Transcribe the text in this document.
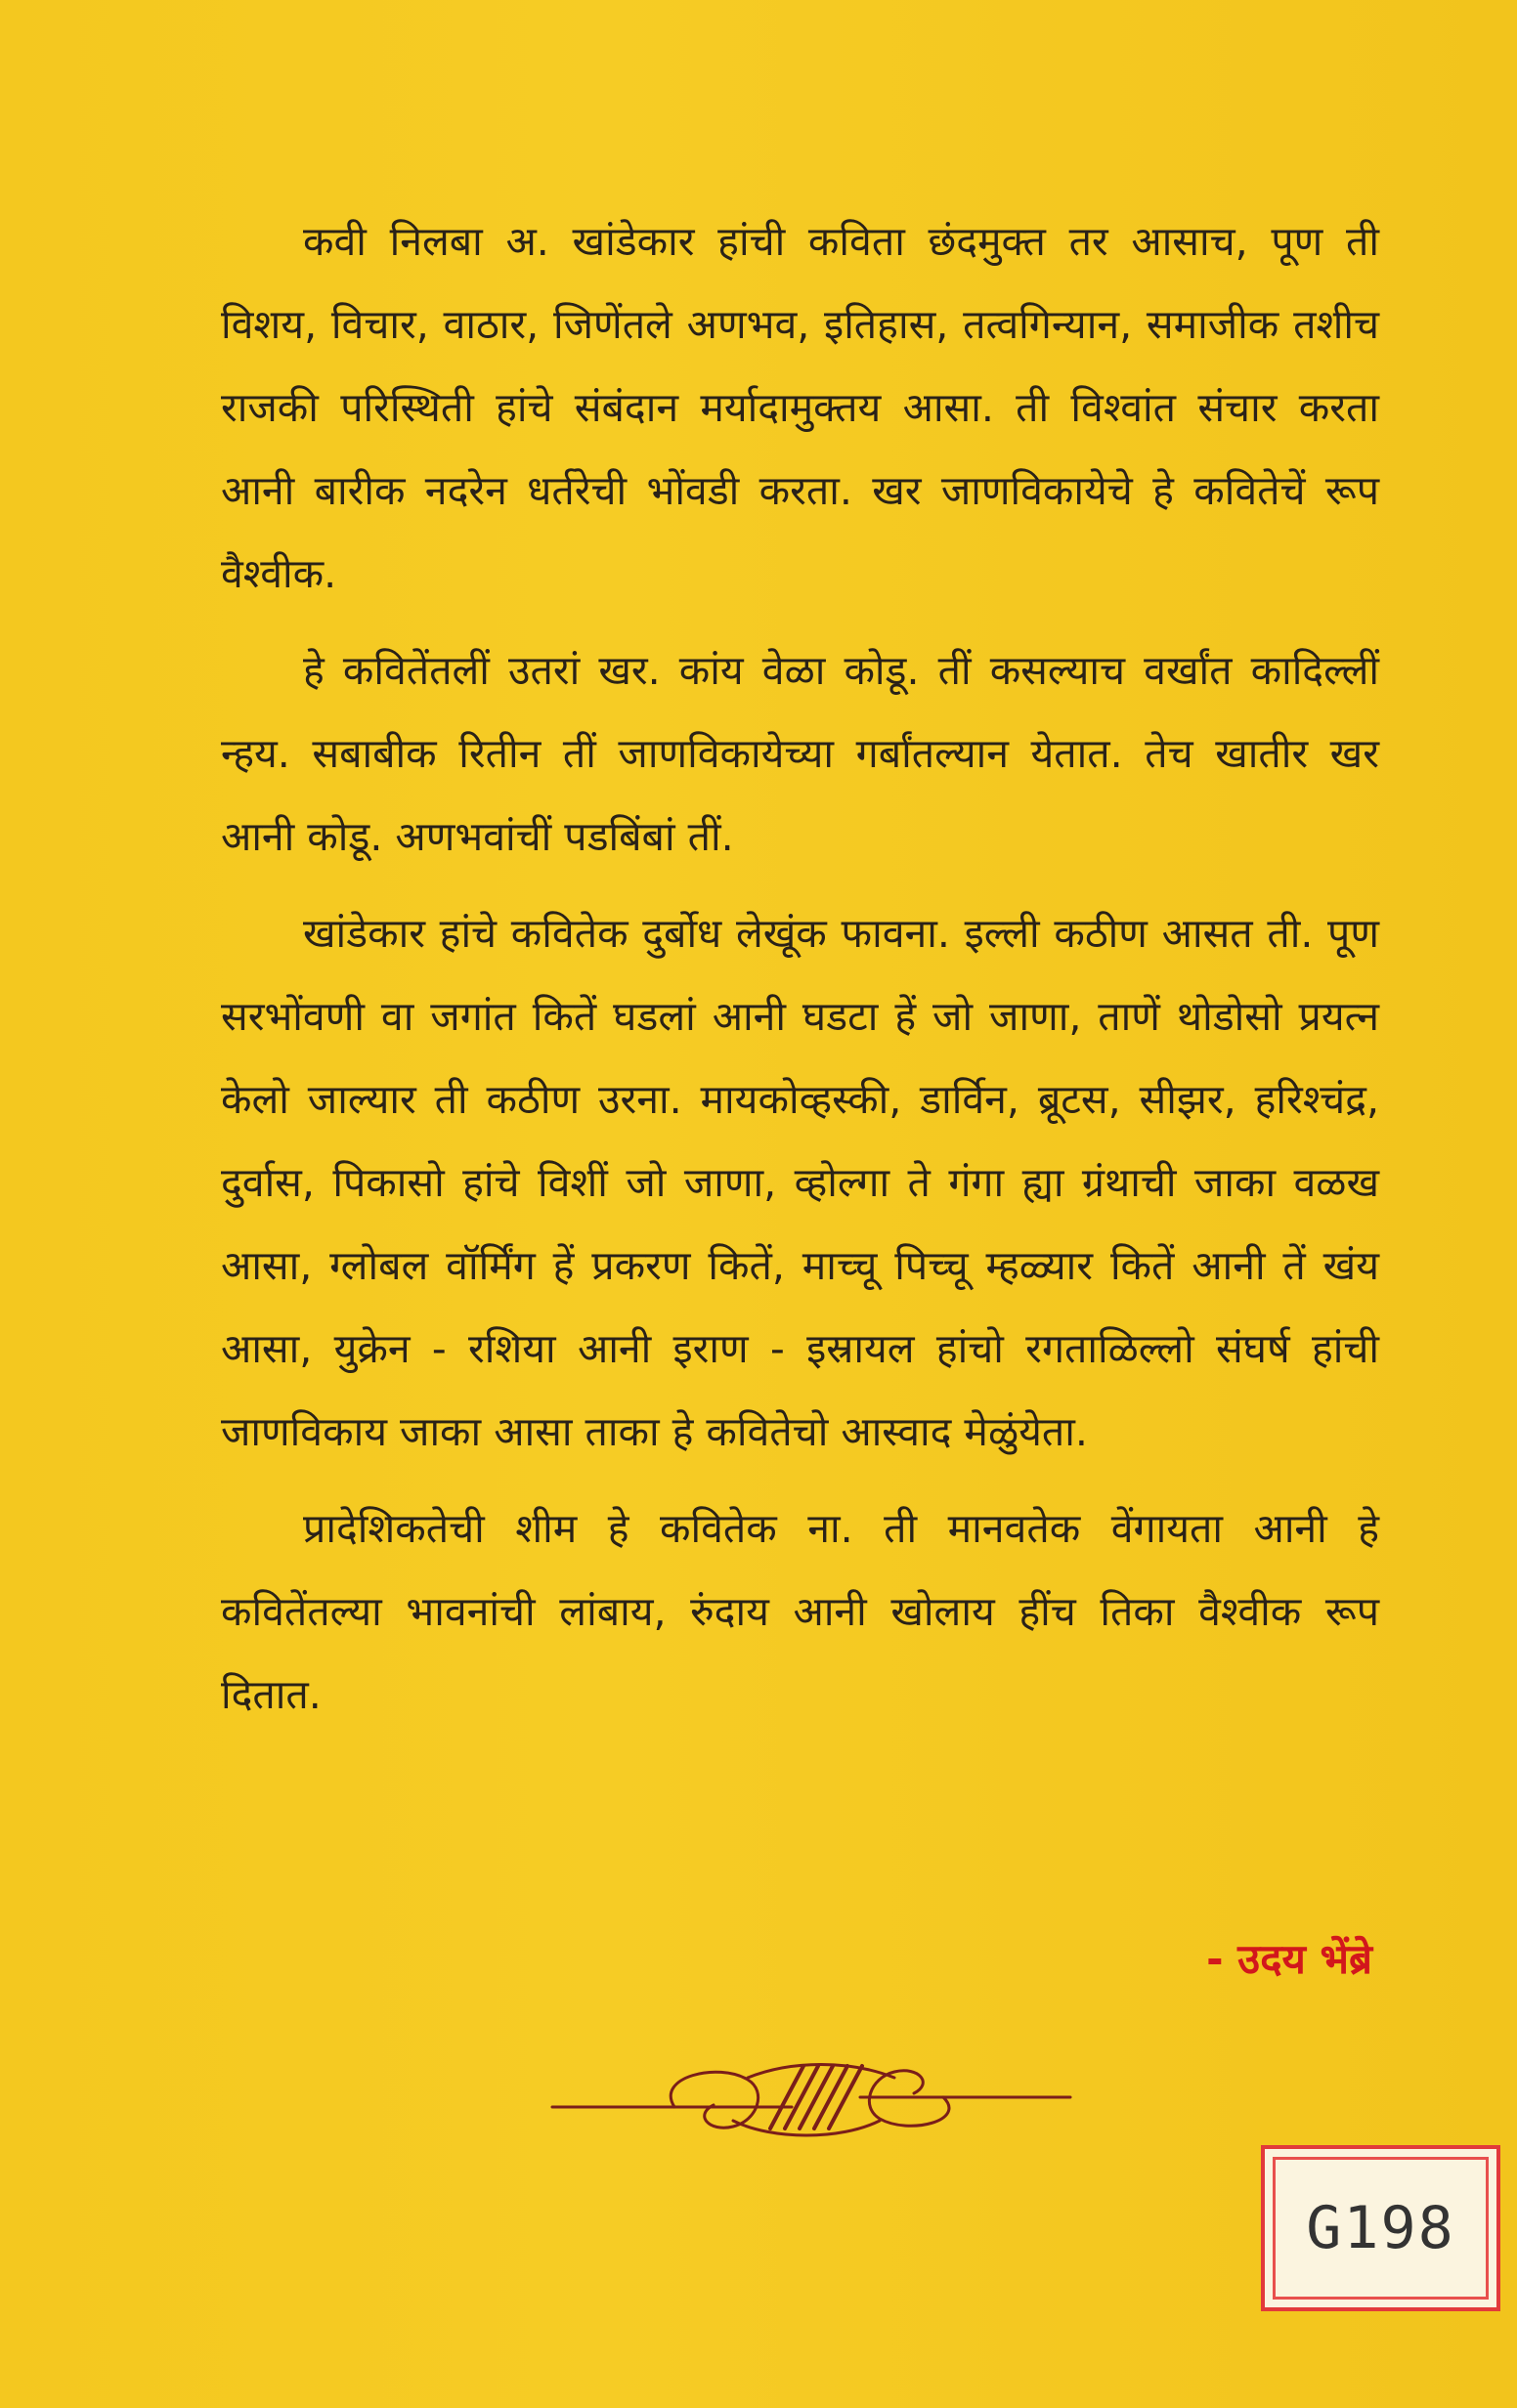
कवी निलबा अ. खांडेकार हांची कविता छंदमुक्त तर आसाच, पूण ती विशय, विचार, वाठार, जिणेंतले अणभव, इतिहास, तत्वगिन्यान, समाजीक तशीच राजकी परिस्थिती हांचे संबंदान मर्यादामुक्तय आसा. ती विश्वांत संचार करता आनी बारीक नदरेन धर्तरेची भोंवडी करता. खर जाणविकायेचे हे कवितेचें रूप वैश्वीक.

हे कवितेंतलीं उतरां खर. कांय वेळा कोडू. तीं कसल्याच वर्खांत कादिल्लीं न्हय. सबाबीक रितीन तीं जाणविकायेच्या गर्बांतल्यान येतात. तेच खातीर खर आनी कोडू. अणभवांचीं पडबिंबां तीं.

खांडेकार हांचे कवितेक दुर्बोध लेखूंक फावना. इल्ली कठीण आसत ती. पूण सरभोंवणी वा जगांत कितें घडलां आनी घडटा हें जो जाणा, ताणें थोडोसो प्रयत्न केलो जाल्यार ती कठीण उरना. मायकोव्हस्की, डार्विन, ब्रूटस, सीझर, हरिश्चंद्र, दुर्वास, पिकासो हांचे विशीं जो जाणा, व्होल्गा ते गंगा ह्या ग्रंथाची जाका वळख आसा, ग्लोबल वॉर्मिंग हें प्रकरण कितें, माच्चू पिच्चू म्हळ्यार कितें आनी तें खंय आसा, युक्रेन - रशिया आनी इराण - इस्रायल हांचो रगताळिल्लो संघर्ष हांची जाणविकाय जाका आसा ताका हे कवितेचो आस्वाद मेळुंयेता.

प्रादेशिकतेची शीम हे कवितेक ना. ती मानवतेक वेंगायता आनी हे कवितेंतल्या भावनांची लांबाय, रुंदाय आनी खोलाय हींच तिका वैश्वीक रूप दितात.

- उदय भेंब्रे
G198
